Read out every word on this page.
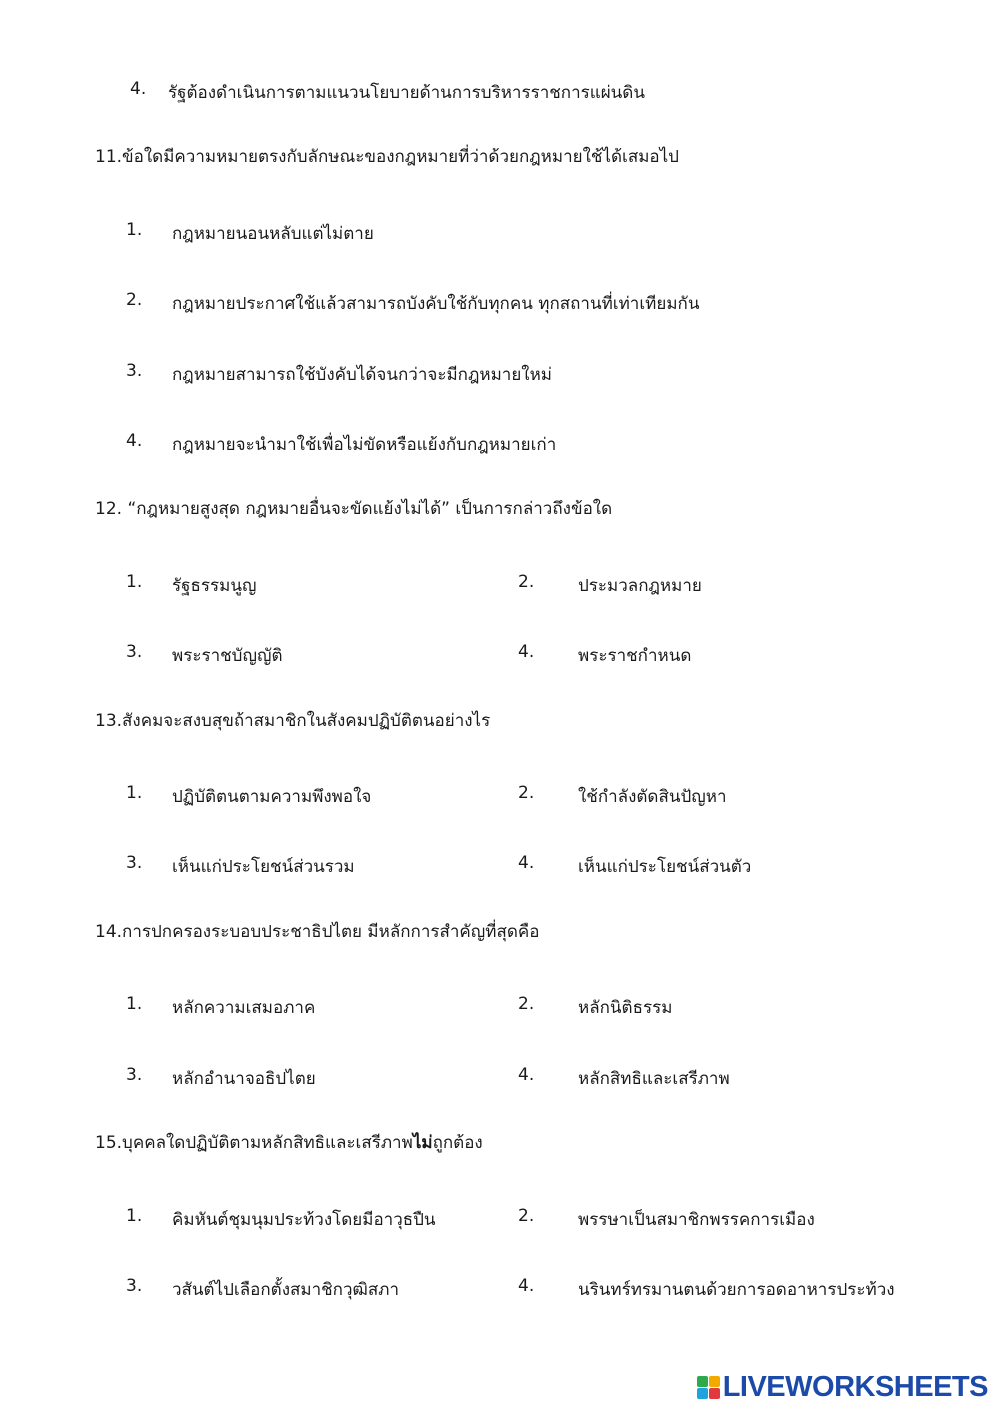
4. รัฐต้องดำเนินการตามแนวนโยบายด้านการบริหารราชการแผ่นดิน
11.ข้อใดมีความหมายตรงกับลักษณะของกฎหมายที่ว่าด้วยกฎหมายใช้ได้เสมอไป
1. กฎหมายนอนหลับแต่ไม่ตาย
2. กฎหมายประกาศใช้แล้วสามารถบังคับใช้กับทุกคน ทุกสถานที่เท่าเทียมกัน
3. กฎหมายสามารถใช้บังคับได้จนกว่าจะมีกฎหมายใหม่
4. กฎหมายจะนำมาใช้เพื่อไม่ขัดหรือแย้งกับกฎหมายเก่า
12. “กฎหมายสูงสุด กฎหมายอื่นจะขัดแย้งไม่ได้” เป็นการกล่าวถึงข้อใด
1. รัฐธรรมนูญ	2.	ประมวลกฎหมาย
3. พระราชบัญญัติ	4.	พระราชกำหนด
13.สังคมจะสงบสุขถ้าสมาชิกในสังคมปฏิบัติตนอย่างไร
1. ปฏิบัติตนตามความพึงพอใจ	2.	ใช้กำลังตัดสินปัญหา
3. เห็นแก่ประโยชน์ส่วนรวม	4.	เห็นแก่ประโยชน์ส่วนตัว
14.การปกครองระบอบประชาธิปไตย มีหลักการสำคัญที่สุดคือ
1. หลักความเสมอภาค	2.	หลักนิติธรรม
3. หลักอำนาจอธิปไตย	4.	หลักสิทธิและเสรีภาพ
15.บุคคลใดปฏิบัติตามหลักสิทธิและเสรีภาพไม่ถูกต้อง
1. คิมหันต์ชุมนุมประท้วงโดยมีอาวุธปืน	2.	พรรษาเป็นสมาชิกพรรคการเมือง
3. วสันต์ไปเลือกตั้งสมาชิกวุฒิสภา	4.	นรินทร์ทรมานตนด้วยการอดอาหารประท้วง
LIVEWORKSHEETS
